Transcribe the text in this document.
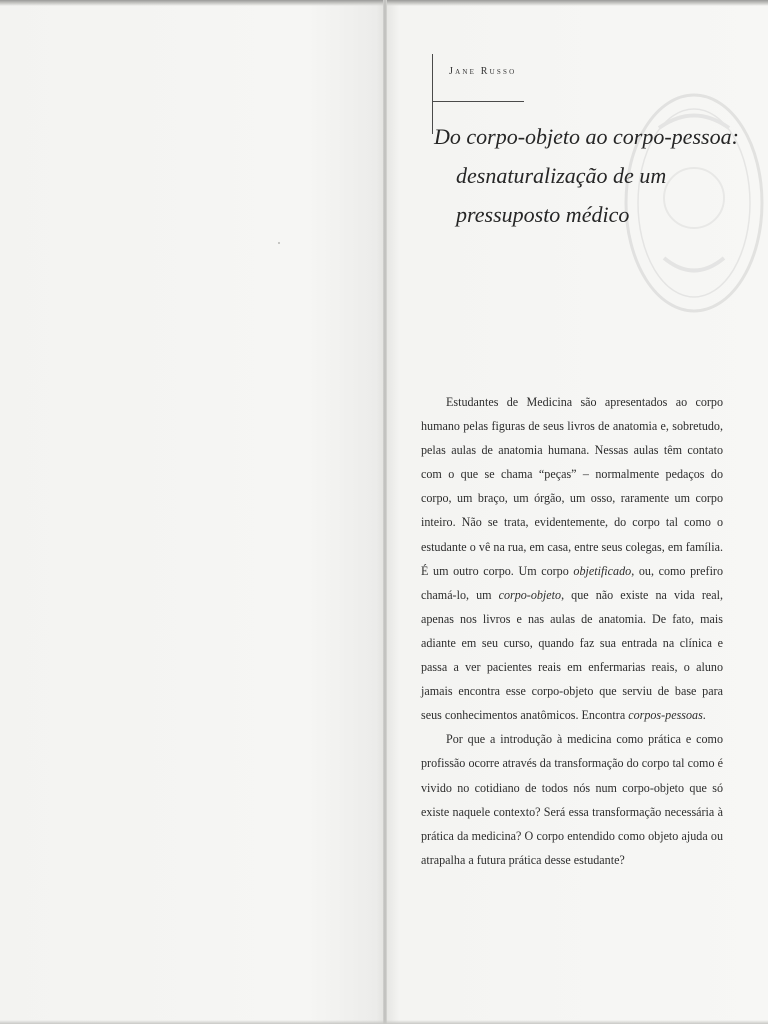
Jane Russo
Do corpo-objeto ao corpo-pessoa:
desnaturalização de um
pressuposto médico

Estudantes de Medicina são apresentados ao corpo humano pelas figuras de seus livros de anatomia e, sobretudo, pelas aulas de anatomia humana. Nessas aulas têm contato com o que se chama “peças” – normalmente pedaços do corpo, um braço, um órgão, um osso, raramente um corpo inteiro. Não se trata, evidentemente, do corpo tal como o estudante o vê na rua, em casa, entre seus colegas, em família. É um outro corpo. Um corpo objetificado, ou, como prefiro chamá-lo, um corpo-objeto, que não existe na vida real, apenas nos livros e nas aulas de anatomia. De fato, mais adiante em seu curso, quando faz sua entrada na clínica e passa a ver pacientes reais em enfermarias reais, o aluno jamais encontra esse corpo-objeto que serviu de base para seus conhecimentos anatômicos. Encontra corpos-pessoas.

Por que a introdução à medicina como prática e como profissão ocorre através da transformação do corpo tal como é vivido no cotidiano de todos nós num corpo-objeto que só existe naquele contexto? Será essa transformação necessária à prática da medicina? O corpo entendido como objeto ajuda ou atrapalha a futura prática desse estudante?
